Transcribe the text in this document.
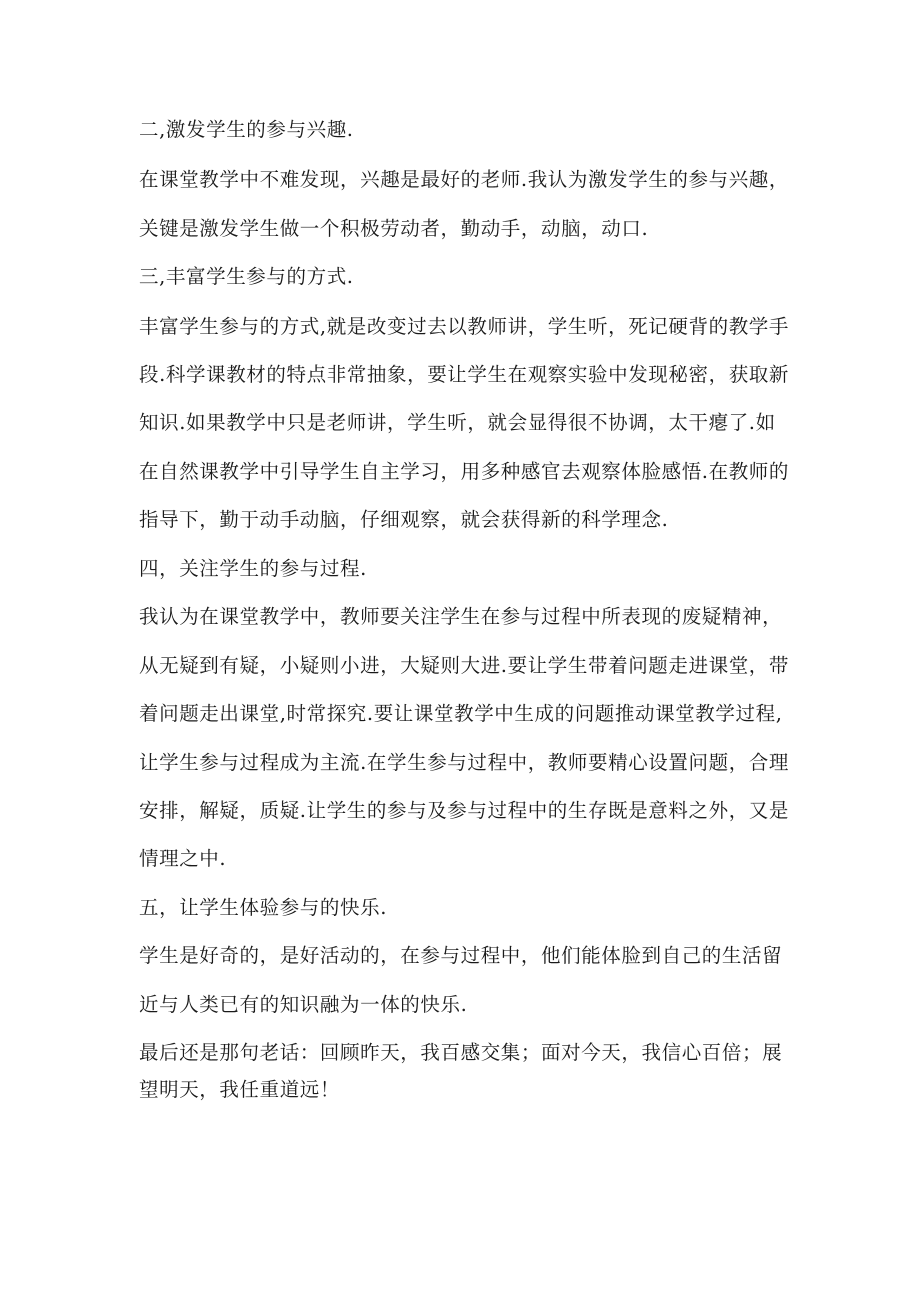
二,激发学生的参与兴趣.

在课堂教学中不难发现，兴趣是最好的老师.我认为激发学生的参与兴趣，

关键是激发学生做一个积极劳动者，勤动手，动脑，动口.

三,丰富学生参与的方式.

丰富学生参与的方式,就是改变过去以教师讲，学生听，死记硬背的教学手

段.科学课教材的特点非常抽象，要让学生在观察实验中发现秘密，获取新

知识.如果教学中只是老师讲，学生听，就会显得很不协调，太干瘪了.如

在自然课教学中引导学生自主学习，用多种感官去观察体脸感悟.在教师的

指导下，勤于动手动脑，仔细观察，就会获得新的科学理念.

四，关注学生的参与过程.

我认为在课堂教学中，教师要关注学生在参与过程中所表现的废疑精神，

从无疑到有疑，小疑则小进，大疑则大进.要让学生带着问题走进课堂，带

着问题走出课堂,时常探究.要让课堂教学中生成的问题推动课堂教学过程,

让学生参与过程成为主流.在学生参与过程中，教师要精心设置问题，合理

安排，解疑，质疑.让学生的参与及参与过程中的生存既是意料之外，又是

情理之中.

五，让学生体验参与的快乐.

学生是好奇的，是好活动的，在参与过程中，他们能体脸到自己的生活留

近与人类已有的知识融为一体的快乐.

最后还是那句老话：回顾昨天，我百感交集；面对今天，我信心百倍；展

望明天，我任重道远！
